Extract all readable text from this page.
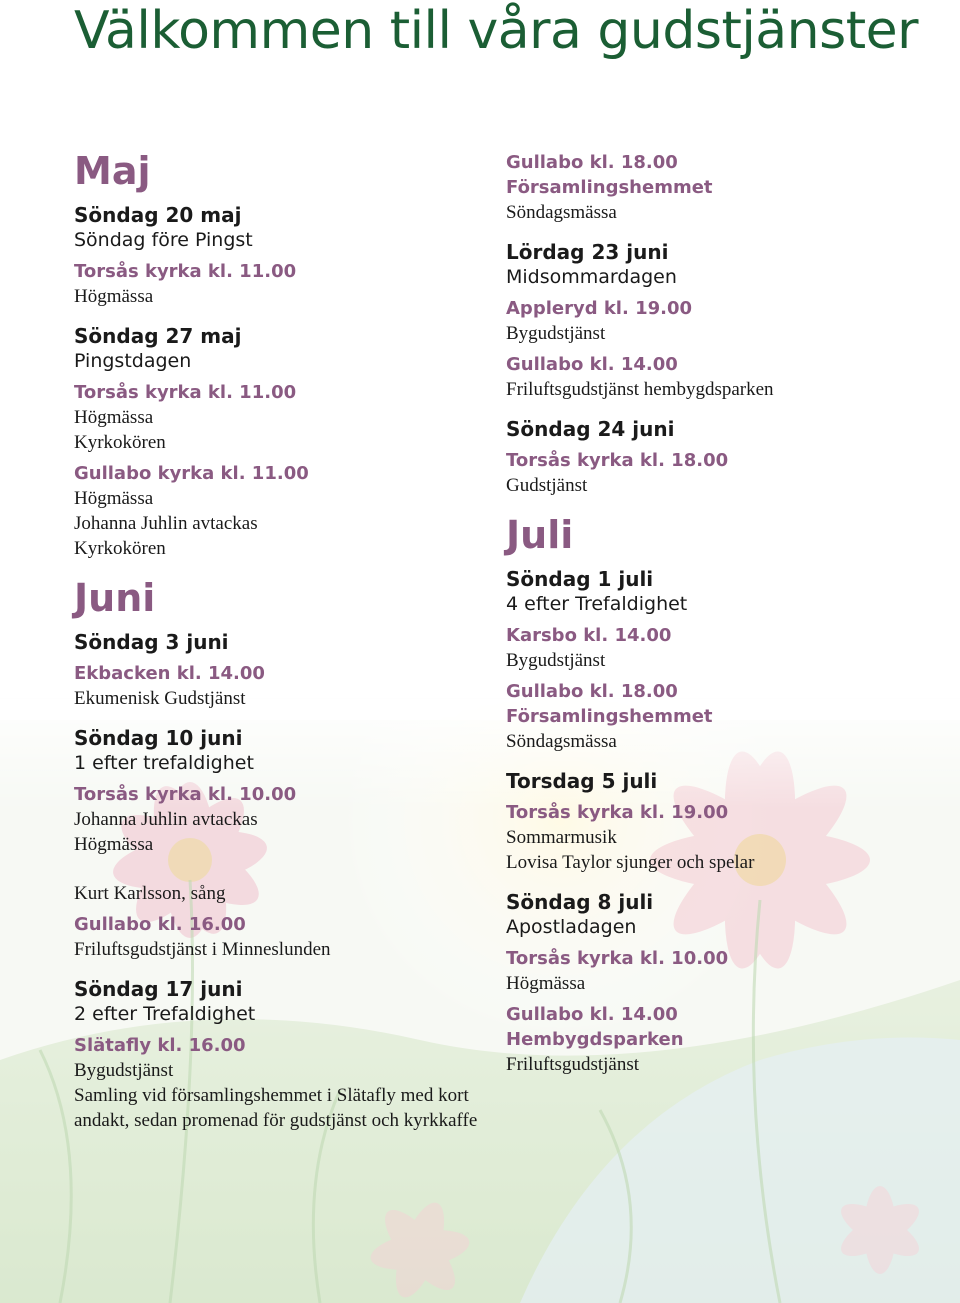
Välkommen till våra gudstjänster
Maj
Söndag 20 maj
Söndag före Pingst
Torsås kyrka kl. 11.00
Högmässa
Söndag 27 maj
Pingstdagen
Torsås kyrka kl. 11.00
Högmässa
Kyrkokören
Gullabo kyrka kl. 11.00
Högmässa
Johanna Juhlin avtackas
Kyrkokören
Juni
Söndag 3 juni
Ekbacken kl. 14.00
Ekumenisk Gudstjänst
Söndag 10 juni
1 efter trefaldighet
Torsås kyrka kl. 10.00
Johanna Juhlin avtackas
Högmässa
Kurt Karlsson, sång
Gullabo kl. 16.00
Friluftsgudstjänst i Minneslunden
Söndag 17 juni
2 efter Trefaldighet
Slätafly kl. 16.00
Bygudstjänst
Samling vid församlingshemmet i Slätafly med kort andakt, sedan promenad för gudstjänst och kyrkkaffe
Gullabo kl. 18.00
Församlingshemmet
Söndagsmässa
Lördag 23 juni
Midsommardagen
Appleryd kl. 19.00
Bygudstjänst
Gullabo kl. 14.00
Friluftsgudstjänst hembygdsparken
Söndag 24 juni
Torsås kyrka kl. 18.00
Gudstjänst
Juli
Söndag 1 juli
4 efter Trefaldighet
Karsbo kl. 14.00
Bygudstjänst
Gullabo kl. 18.00
Församlingshemmet
Söndagsmässa
Torsdag 5 juli
Torsås kyrka kl. 19.00
Sommarmusik
Lovisa Taylor sjunger och spelar
Söndag 8 juli
Apostladagen
Torsås kyrka kl. 10.00
Högmässa
Gullabo kl. 14.00
Hembygdsparken
Friluftsgudstjänst
